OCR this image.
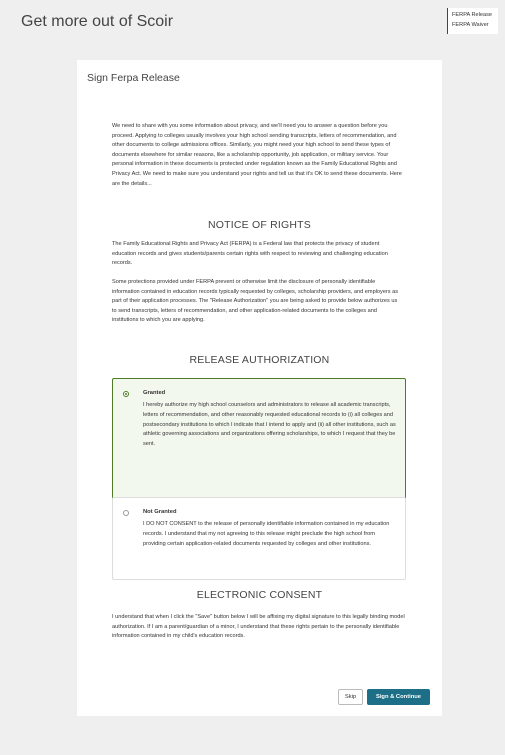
Get more out of Scoir	FERPA Release
FERPA Waiver
Sign Ferpa Release

We need to share with you some information about privacy, and we'll need you to answer a question before you proceed. Applying to colleges usually involves your high school sending transcripts, letters of recommendation, and other documents to college admissions offices. Similarly, you might need your high school to send these types of documents elsewhere for similar reasons, like a scholarship opportunity, job application, or military service. Your personal information in these documents is protected under regulation known as the Family Educational Rights and Privacy Act. We need to make sure you understand your rights and tell us that it's OK to send these documents. Here are the details...

NOTICE OF RIGHTS

The Family Educational Rights and Privacy Act (FERPA) is a Federal law that protects the privacy of student education records and gives students/parents certain rights with respect to reviewing and challenging education records.

Some protections provided under FERPA prevent or otherwise limit the disclosure of personally identifiable information contained in education records typically requested by colleges, scholarship providers, and employers as part of their application processes. The "Release Authorization" you are being asked to provide below authorizes us to send transcripts, letters of recommendation, and other application-related documents to the colleges and institutions to which you are applying.

RELEASE AUTHORIZATION
Granted

I hereby authorize my high school counselors and administrators to release all academic transcripts, letters of recommendation, and other reasonably requested educational records to (i) all colleges and postsecondary institutions to which I indicate that I intend to apply and (ii) all other institutions, such as athletic governing associations and organizations offering scholarships, to which I request that they be sent.

Not Granted

I DO NOT CONSENT to the release of personally identifiable information contained in my education records. I understand that my not agreeing to this release might preclude the high school from providing certain application-related documents requested by colleges and other institutions.

ELECTRONIC CONSENT

I understand that when I click the "Save" button below I will be affixing my digital signature to this legally binding model authorization. If I am a parent/guardian of a minor, I understand that these rights pertain to the personally identifiable information contained in my child's education records.

Skip	Sign & Continue
